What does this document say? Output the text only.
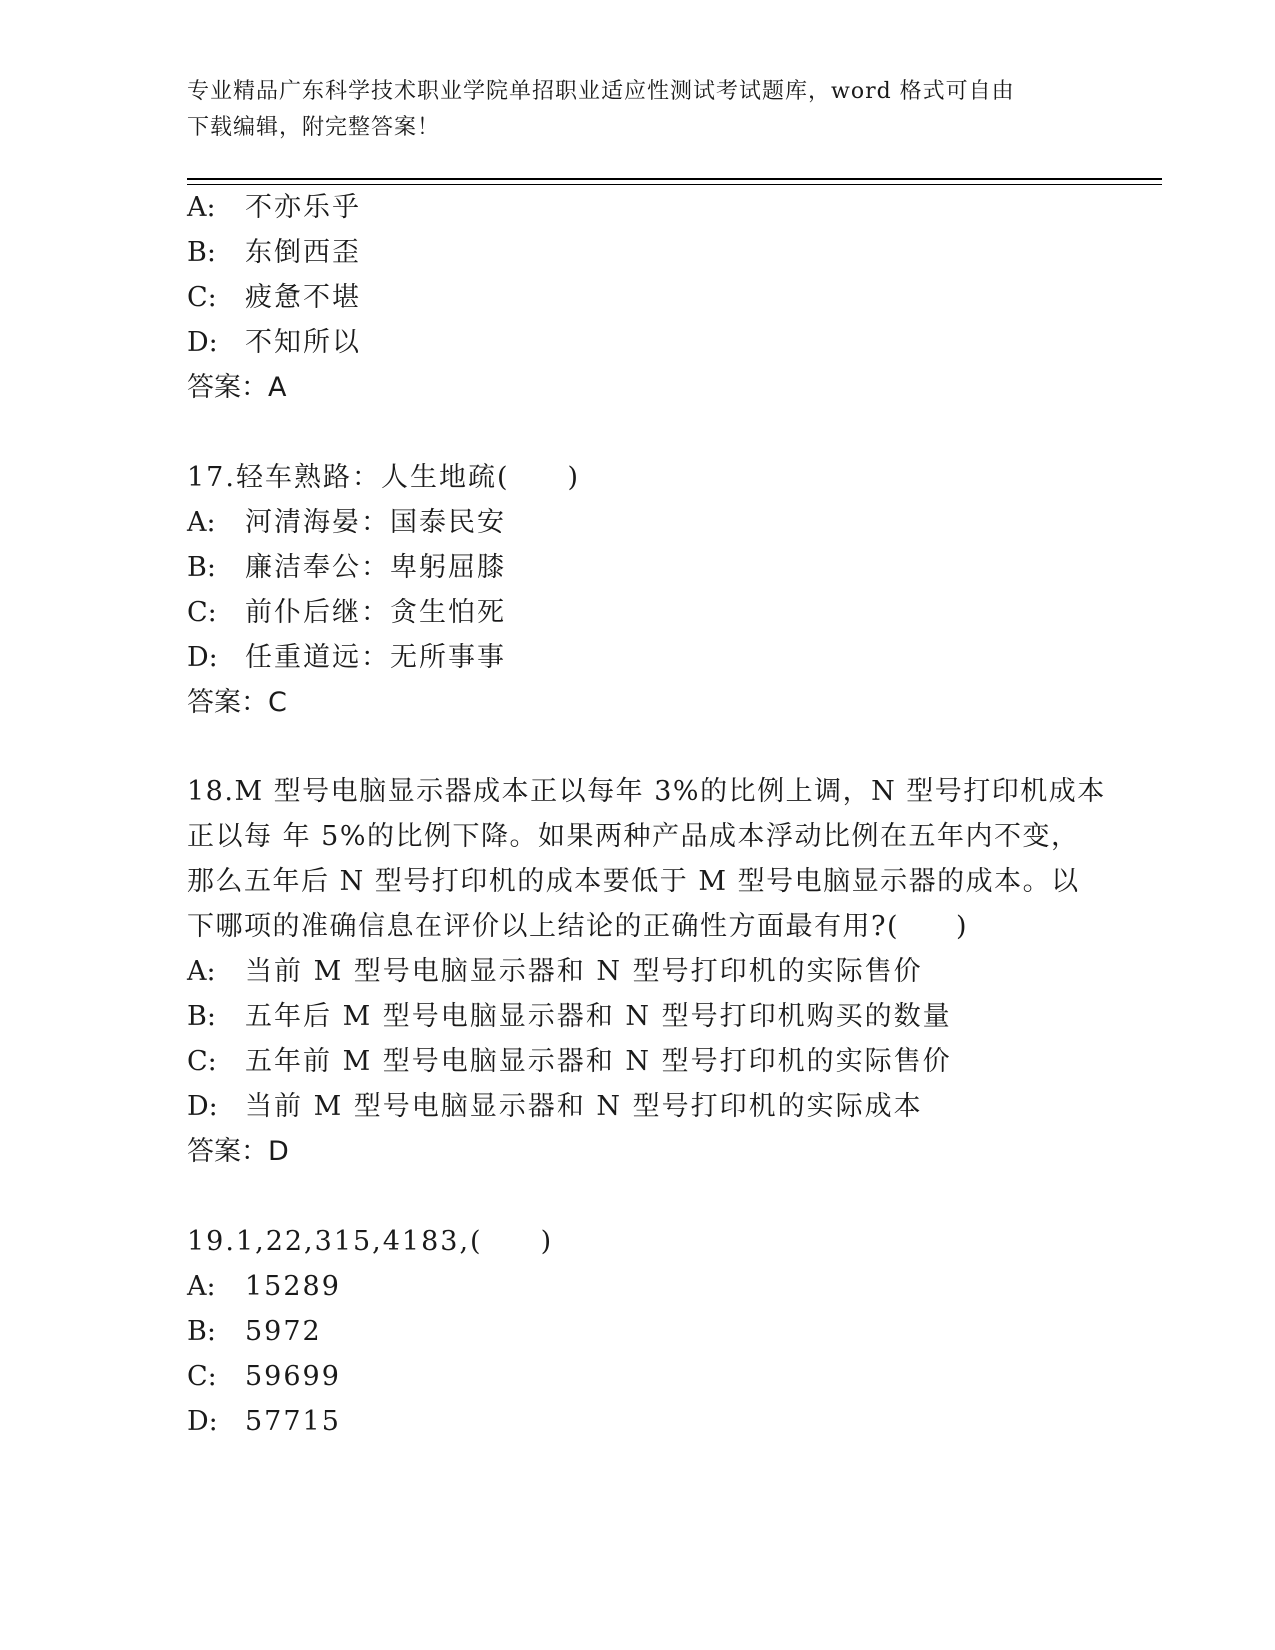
专业精品广东科学技术职业学院单招职业适应性测试考试题库，word 格式可自由
下载编辑，附完整答案！
A: 不亦乐乎
B: 东倒西歪
C: 疲惫不堪
D: 不知所以
答案：A
17.轻车熟路：人生地疏(　　)
A: 河清海晏：国泰民安
B: 廉洁奉公：卑躬屈膝
C: 前仆后继：贪生怕死
D: 任重道远：无所事事
答案：C
18.M 型号电脑显示器成本正以每年 3%的比例上调，N 型号打印机成本
正以每 年 5%的比例下降。如果两种产品成本浮动比例在五年内不变，
那么五年后 N 型号打印机的成本要低于 M 型号电脑显示器的成本。以
下哪项的准确信息在评价以上结论的正确性方面最有用?(　　)
A: 当前 M 型号电脑显示器和 N 型号打印机的实际售价
B: 五年后 M 型号电脑显示器和 N 型号打印机购买的数量
C: 五年前 M 型号电脑显示器和 N 型号打印机的实际售价
D: 当前 M 型号电脑显示器和 N 型号打印机的实际成本
答案：D
19.1,22,315,4183,(　　)
A: 15289
B: 5972
C: 59699
D: 57715
